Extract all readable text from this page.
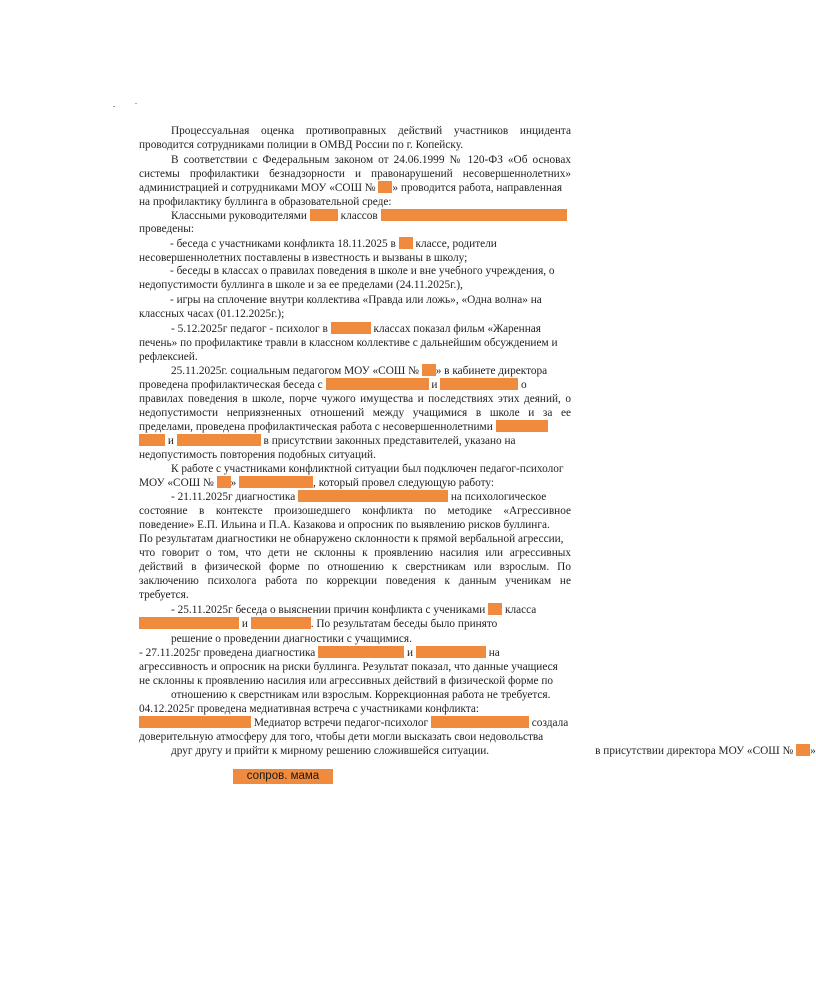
Процессуальная оценка противоправных действий участников инцидента
проводится сотрудниками полиции в ОМВД России по г. Копейску.
В соответствии с Федеральным законом от 24.06.1999 № 120-ФЗ «Об основах
системы профилактики безнадзорности и правонарушений несовершеннолетних»
администрацией и сотрудниками МОУ «СОШ № » проводится работа, направленная
на профилактику буллинга в образовательной среде:
Классными руководителями	классов
проведены:
- беседа с участниками конфликта 18.11.2025 в классе, родители
несовершеннолетних поставлены в известность и вызваны в школу;
- беседы в классах о правилах поведения в школе и вне учебного учреждения, о
недопустимости буллинга в школе и за ее пределами (24.11.2025г.),
- игры на сплочение внутри коллектива «Правда или ложь», «Одна волна» на
классных часах (01.12.2025г.);
- 5.12.2025г педагог - психолог в	классах показал фильм «Жаренная
печень» по профилактике травли в классном коллективе с дальнейшим обсуждением и
рефлексией.
25.11.2025г. социальным педагогом МОУ «СОШ № » в кабинете директора
проведена профилактическая беседа с	и	о
правилах поведения в школе, порче чужого имущества и последствиях этих деяний, о
недопустимости неприязненных отношений между учащимися в школе и за ее
пределами, проведена профилактическая работа с несовершеннолетними
и	в присутствии законных представителей, указано на
недопустимость повторения подобных ситуаций.
К работе с участниками конфликтной ситуации был подключен педагог-психолог
МОУ «СОШ № »	, который провел следующую работу:
- 21.11.2025г диагностика	на психологическое
состояние в контексте произошедшего конфликта по методике «Агрессивное
поведение» Е.П. Ильина и П.А. Казакова и опросник по выявлению рисков буллинга.
По результатам диагностики не обнаружено склонности к прямой вербальной агрессии,
что говорит о том, что дети не склонны к проявлению насилия или агрессивных
действий в физической форме по отношению к сверстникам или взрослым. По
заключению психолога работа по коррекции поведения к данным ученикам не
требуется.
- 25.11.2025г беседа о выяснении причин конфликта с учениками класса
и	. По результатам беседы было принято
решение о проведении диагностики с учащимися.
- 27.11.2025г проведена диагностика	и	на
агрессивность и опросник на риски буллинга. Результат показал, что данные учащиеся
не склонны к проявлению насилия или агрессивных действий в физической форме по
отношению к сверстникам или взрослым. Коррекционная работа не требуется.
04.12.2025г проведена медиативная встреча с участниками конфликта:
Медиатор встречи педагог-психолог	создала
доверительную атмосферу для того, чтобы дети могли высказать свои недовольства
друг другу и прийти к мирному решению сложившейся ситуации.	в присутствии директора МОУ «СОШ № »
сопров. мама
